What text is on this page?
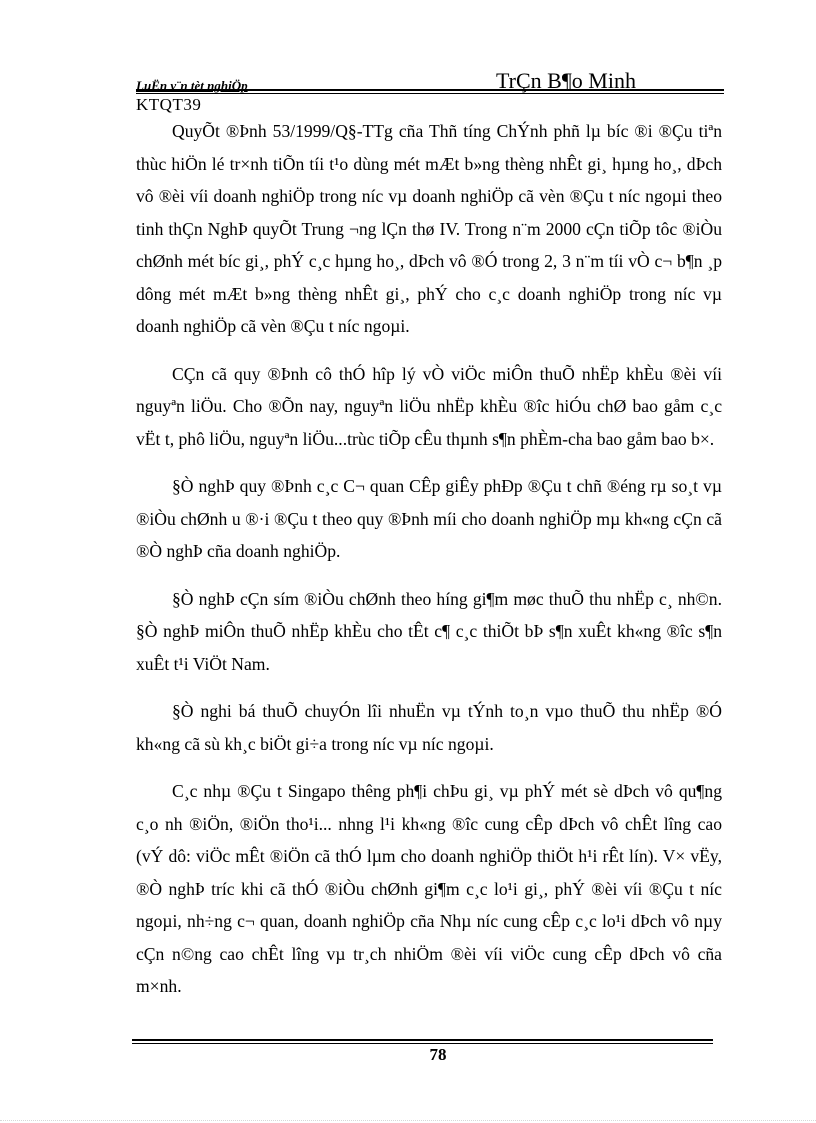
LuËn v¨n tèt nghiÖp	TrÇn B¶o Minh
KTQT39

QuyÕt ®Þnh 53/1999/Q§-TTg cña Thñ tíng ChÝnh phñ lµ bíc ®i ®Çu tiªn thùc hiÖn lé tr×nh tiÕn tíi t¹o dùng mét mÆt b»ng thèng nhÊt gi¸ hµng ho¸, dÞch vô ®èi víi doanh nghiÖp trong níc vµ doanh nghiÖp cã vèn ®Çu t níc ngoµi theo tinh thÇn NghÞ quyÕt Trung ¬ng lÇn thø IV. Trong n¨m 2000 cÇn tiÕp tôc ®iÒu chØnh mét bíc gi¸, phÝ c¸c hµng ho¸, dÞch vô ®Ó trong 2, 3 n¨m tíi vÒ c¬ b¶n ¸p dông mét mÆt b»ng thèng nhÊt gi¸, phÝ cho c¸c doanh nghiÖp trong níc vµ doanh nghiÖp cã vèn ®Çu t níc ngoµi.

CÇn cã quy ®Þnh cô thÓ hîp lý vÒ viÖc miÔn thuÕ nhËp khÈu ®èi víi nguyªn liÖu. Cho ®Õn nay, nguyªn liÖu nhËp khÈu ®îc hiÓu chØ bao gåm c¸c vËt t, phô liÖu, nguyªn liÖu...trùc tiÕp cÊu thµnh s¶n phÈm-cha bao gåm bao b×.

§Ò nghÞ quy ®Þnh c¸c C¬ quan CÊp giÊy phÐp ®Çu t chñ ®éng rµ so¸t vµ ®iÒu chØnh u ®·i ®Çu t theo quy ®Þnh míi cho doanh nghiÖp mµ kh«ng cÇn cã ®Ò nghÞ cña doanh nghiÖp.

§Ò nghÞ cÇn sím ®iÒu chØnh theo híng gi¶m møc thuÕ thu nhËp c¸ nh©n. §Ò nghÞ miÔn thuÕ nhËp khÈu cho tÊt c¶ c¸c thiÕt bÞ s¶n xuÊt kh«ng ®îc s¶n xuÊt t¹i ViÖt Nam.

§Ò nghi bá thuÕ chuyÓn lîi nhuËn vµ tÝnh to¸n vµo thuÕ thu nhËp ®Ó kh«ng cã sù kh¸c biÖt gi÷a trong níc vµ níc ngoµi.

C¸c nhµ ®Çu t Singapo thêng ph¶i chÞu gi¸ vµ phÝ mét sè dÞch vô qu¶ng c¸o nh ®iÖn, ®iÖn tho¹i... nhng l¹i kh«ng ®îc cung cÊp dÞch vô chÊt lîng cao (vÝ dô: viÖc mÊt ®iÖn cã thÓ lµm cho doanh nghiÖp thiÖt h¹i rÊt lín). V× vËy, ®Ò nghÞ tríc khi cã thÓ ®iÒu chØnh gi¶m c¸c lo¹i gi¸, phÝ ®èi víi ®Çu t níc ngoµi, nh÷ng c¬ quan, doanh nghiÖp cña Nhµ níc cung cÊp c¸c lo¹i dÞch vô nµy cÇn n©ng cao chÊt lîng vµ tr¸ch nhiÖm ®èi víi viÖc cung cÊp dÞch vô cña m×nh.

78
